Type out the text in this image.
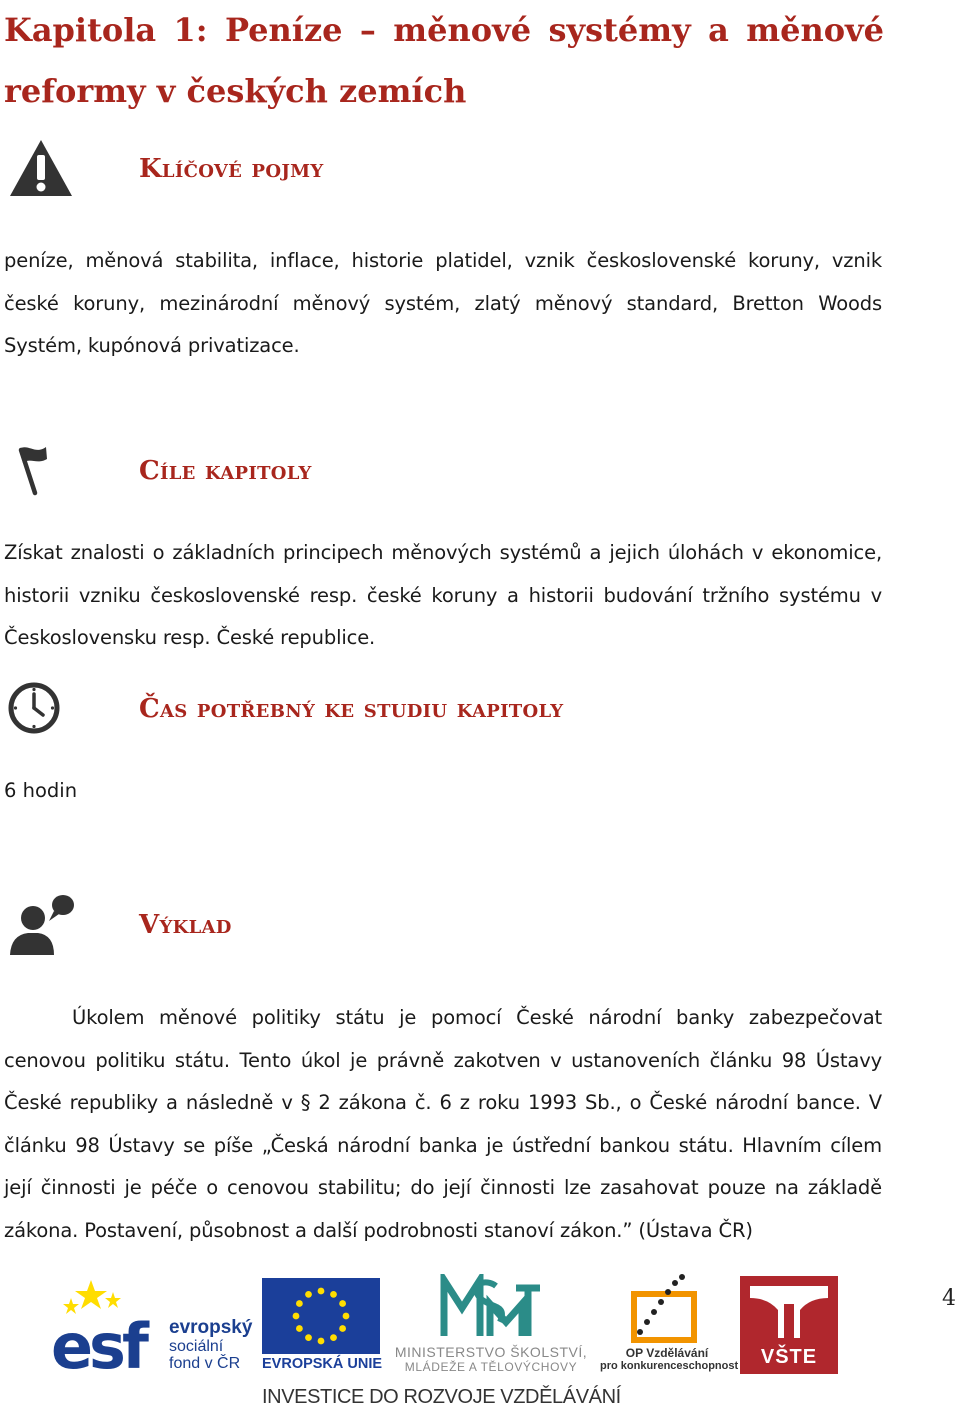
Kapitola 1: Peníze – měnové systémy a měnové reformy v českých zemích
Klíčové pojmy

peníze, měnová stabilita, inflace, historie platidel, vznik československé koruny, vznik české koruny, mezinárodní měnový systém, zlatý měnový standard, Bretton Woods Systém, kupónová privatizace.

Cíle kapitoly

Získat znalosti o základních principech měnových systémů a jejich úlohách v ekonomice, historii vzniku československé resp. české koruny a historii budování tržního systému v Československu resp. České republice.

Čas potřebný ke studiu kapitoly

6 hodin

Výklad

Úkolem měnové politiky státu je pomocí České národní banky zabezpečovat cenovou politiku státu. Tento úkol je právně zakotven v ustanoveních článku 98 Ústavy České republiky a následně v § 2 zákona č. 6 z roku 1993 Sb., o České národní bance. V článku 98 Ústavy se píše „Česká národní banka je ústřední bankou státu. Hlavním cílem její činnosti je péče o cenovou stabilitu; do její činnosti lze zasahovat pouze na základě zákona. Postavení, působnost a další podrobnosti stanoví zákon.” (Ústava ČR)

esf evropský
sociální
fond v ČR	EVROPSKÁ UNIE
MINISTERSTVO ŠKOLSTVÍ,
MLÁDEŽE A TĚLOVÝCHOVY
OP Vzdělávání
pro konkurenceschopnost	VŠTE
4
INVESTICE DO ROZVOJE VZDĚLÁVÁNÍ
